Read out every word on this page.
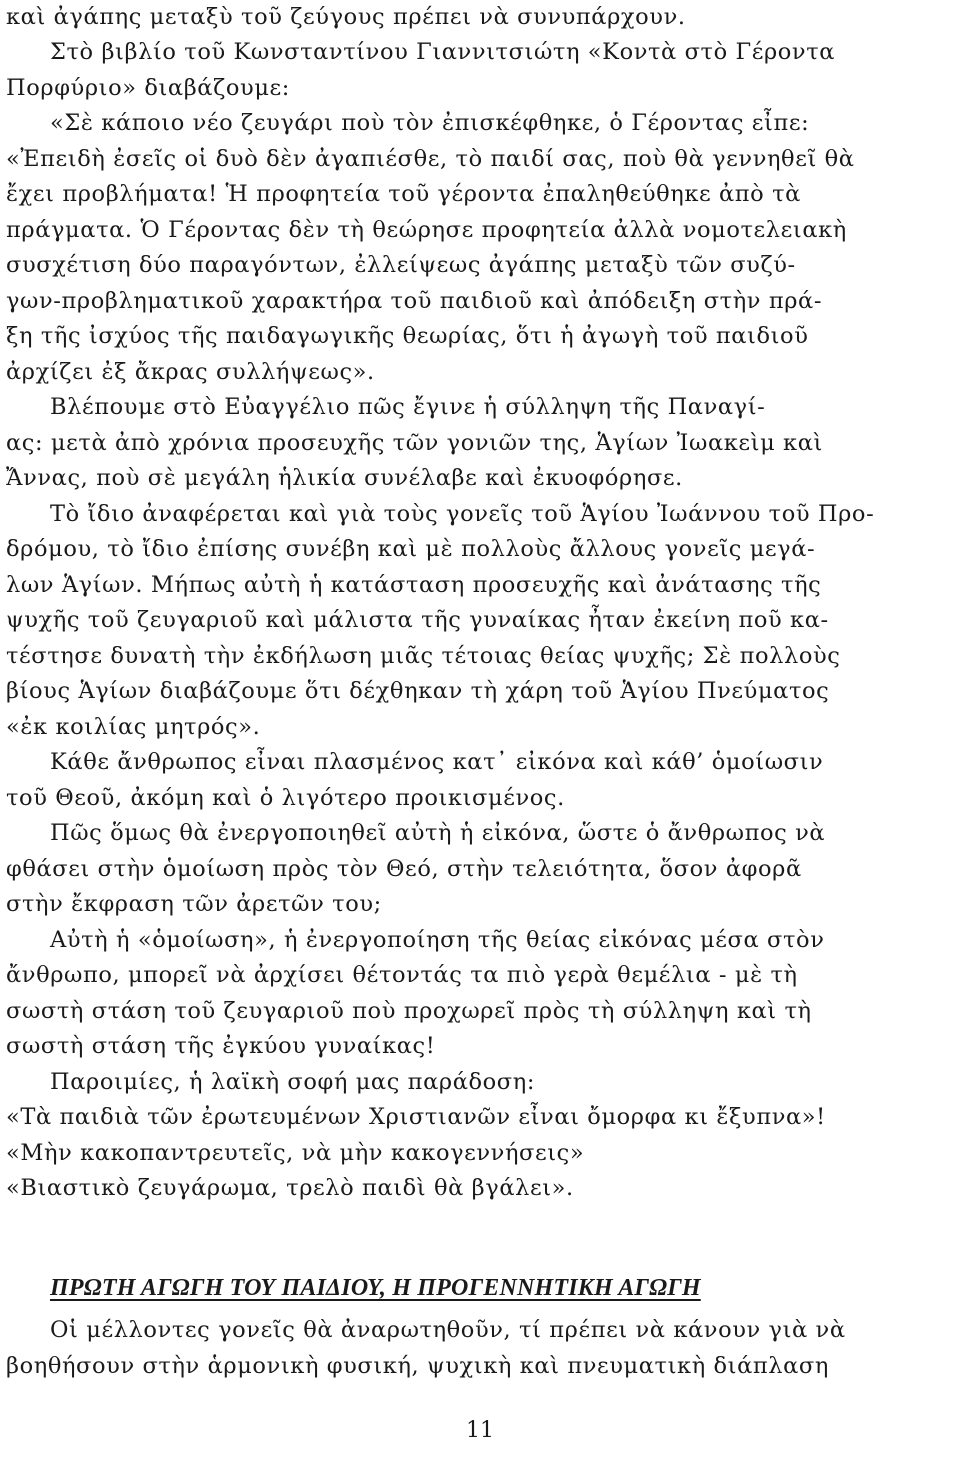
καὶ ἀγάπης μεταξὺ τοῦ ζεύγους πρέπει νὰ συνυπάρχουν.
Στὸ βιβλίο τοῦ Κωνσταντίνου Γιαννιτσιώτη «Κοντὰ στὸ Γέροντα
Πορφύριο» διαβάζουμε:
«Σὲ κάποιο νέο ζευγάρι ποὺ τὸν ἐπισκέφθηκε, ὁ Γέροντας εἶπε:
«Ἐπειδὴ ἐσεῖς οἱ δυὸ δὲν ἀγαπιέσθε, τὸ παιδί σας, ποὺ θὰ γεννηθεῖ θὰ
ἔχει προβλήματα! Ἡ προφητεία τοῦ γέροντα ἐπαληθεύθηκε ἀπὸ τὰ
πράγματα. Ὁ Γέροντας δὲν τὴ θεώρησε προφητεία ἀλλὰ νομοτελειακὴ
συσχέτιση δύο παραγόντων, ἐλλείψεως ἀγάπης μεταξὺ τῶν συζύ-
γων-προβληματικοῦ χαρακτήρα τοῦ παιδιοῦ καὶ ἀπόδειξη στὴν πρά-
ξη τῆς ἰσχύος τῆς παιδαγωγικῆς θεωρίας, ὅτι ἡ ἀγωγὴ τοῦ παιδιοῦ
ἀρχίζει ἐξ ἄκρας συλλήψεως».
Βλέπουμε στὸ Εὐαγγέλιο πῶς ἔγινε ἡ σύλληψη τῆς Παναγί-
ας: μετὰ ἀπὸ χρόνια προσευχῆς τῶν γονιῶν της, Ἁγίων Ἰωακεὶμ καὶ
Ἄννας, ποὺ σὲ μεγάλη ἡλικία συνέλαβε καὶ ἐκυοφόρησε.
Τὸ ἴδιο ἀναφέρεται καὶ γιὰ τοὺς γονεῖς τοῦ Ἁγίου Ἰωάννου τοῦ Προ-
δρόμου, τὸ ἴδιο ἐπίσης συνέβη καὶ μὲ πολλοὺς ἄλλους γονεῖς μεγά-
λων Ἁγίων. Μήπως αὐτὴ ἡ κατάσταση προσευχῆς καὶ ἀνάτασης τῆς
ψυχῆς τοῦ ζευγαριοῦ καὶ μάλιστα τῆς γυναίκας ἦταν ἐκείνη ποῦ κα-
τέστησε δυνατὴ τὴν ἐκδήλωση μιᾶς τέτοιας θείας ψυχῆς; Σὲ πολλοὺς
βίους Ἁγίων διαβάζουμε ὅτι δέχθηκαν τὴ χάρη τοῦ Ἁγίου Πνεύματος
«ἐκ κοιλίας μητρός».
Κάθε ἄνθρωπος εἶναι πλασμένος κατ᾽ εἰκόνα καὶ κάθ’ ὁμοίωσιν
τοῦ Θεοῦ, ἀκόμη καὶ ὁ λιγότερο προικισμένος.
Πῶς ὅμως θὰ ἐνεργοποιηθεῖ αὐτὴ ἡ εἰκόνα, ὥστε ὁ ἄνθρωπος νὰ
φθάσει στὴν ὁμοίωση πρὸς τὸν Θεό, στὴν τελειότητα, ὅσον ἀφορᾶ
στὴν ἔκφραση τῶν ἀρετῶν του;
Αὐτὴ ἡ «ὁμοίωση», ἡ ἐνεργοποίηση τῆς θείας εἰκόνας μέσα στὸν
ἄνθρωπο, μπορεῖ νὰ ἀρχίσει θέτοντάς τα πιὸ γερὰ θεμέλια - μὲ τὴ
σωστὴ στάση τοῦ ζευγαριοῦ ποὺ προχωρεῖ πρὸς τὴ σύλληψη καὶ τὴ
σωστὴ στάση τῆς ἐγκύου γυναίκας!
Παροιμίες, ἡ λαϊκὴ σοφή μας παράδοση:
«Τὰ παιδιὰ τῶν ἐρωτευμένων Χριστιανῶν εἶναι ὄμορφα κι ἔξυπνα»!
«Μὴν κακοπαντρευτεῖς, νὰ μὴν κακογεννήσεις»
«Βιαστικὸ ζευγάρωμα, τρελὸ παιδὶ θὰ βγάλει».
Οἱ μέλλοντες γονεῖς θὰ ἀναρωτηθοῦν, τί πρέπει νὰ κάνουν γιὰ νὰ
βοηθήσουν στὴν ἁρμονικὴ φυσική, ψυχικὴ καὶ πνευματικὴ διάπλαση
ΠΡΩΤΗ ΑΓΩΓΗ ΤΟΥ ΠΑΙΔΙΟΥ, Η ΠΡΟΓΕΝΝΗΤΙΚΗ ΑΓΩΓΗ
11
